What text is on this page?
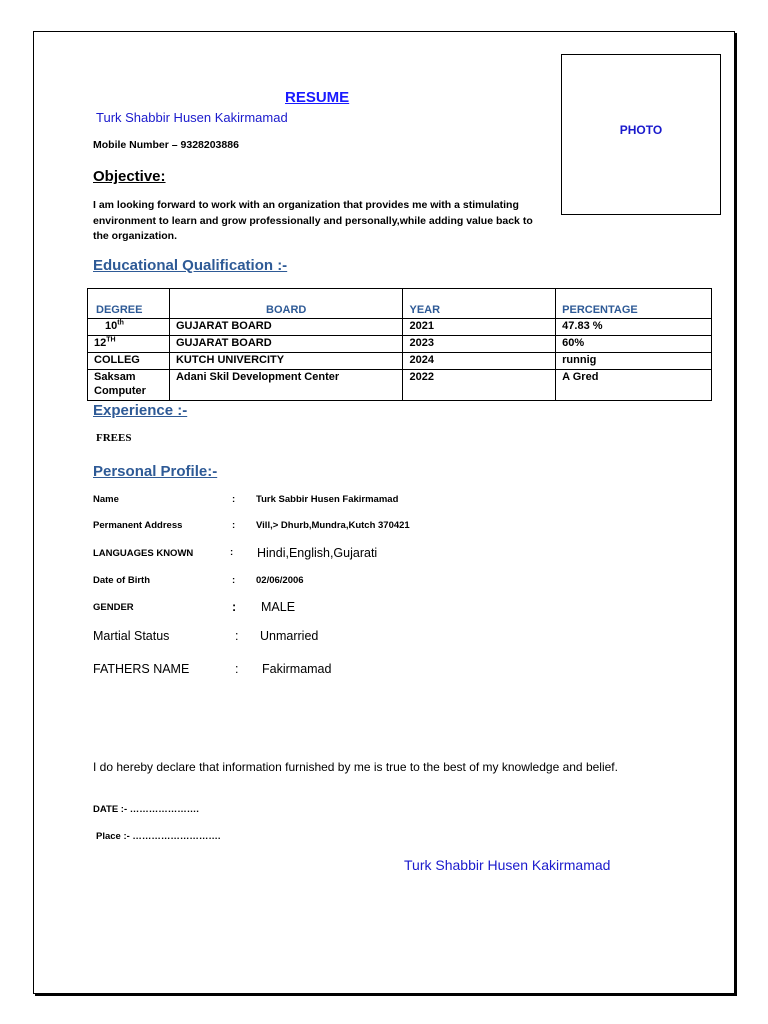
RESUME
Turk Shabbir Husen Kakirmamad
Mobile Number – 9328203886
PHOTO
Objective:
I am looking forward to work with an organization that provides me with a stimulating environment to learn and grow professionally and personally,while adding value back to the organization.
Educational Qualification :-
DEGREE	BOARD	YEAR	PERCENTAGE
10th	GUJARAT BOARD	2021	47.83 %
12TH	GUJARAT BOARD	2023	60%
COLLEG	KUTCH UNIVERCITY	2024	runnig
Saksam Computer	Adani Skil Development Center	2022	A Gred
Experience :-
FREES
Personal Profile:-
Name	: Turk Sabbir Husen Fakirmamad
Permanent Address	: Vill,> Dhurb,Mundra,Kutch 370421
LANGUAGES KNOWN	: Hindi,English,Gujarati
Date of Birth	: 02/06/2006
GENDER	: MALE
Martial Status	: Unmarried
FATHERS NAME	: Fakirmamad
I do hereby declare that information furnished by me is true to the best of my knowledge and belief.
DATE :- ………………….
Place :- ……………………….
Turk Shabbir Husen Kakirmamad
